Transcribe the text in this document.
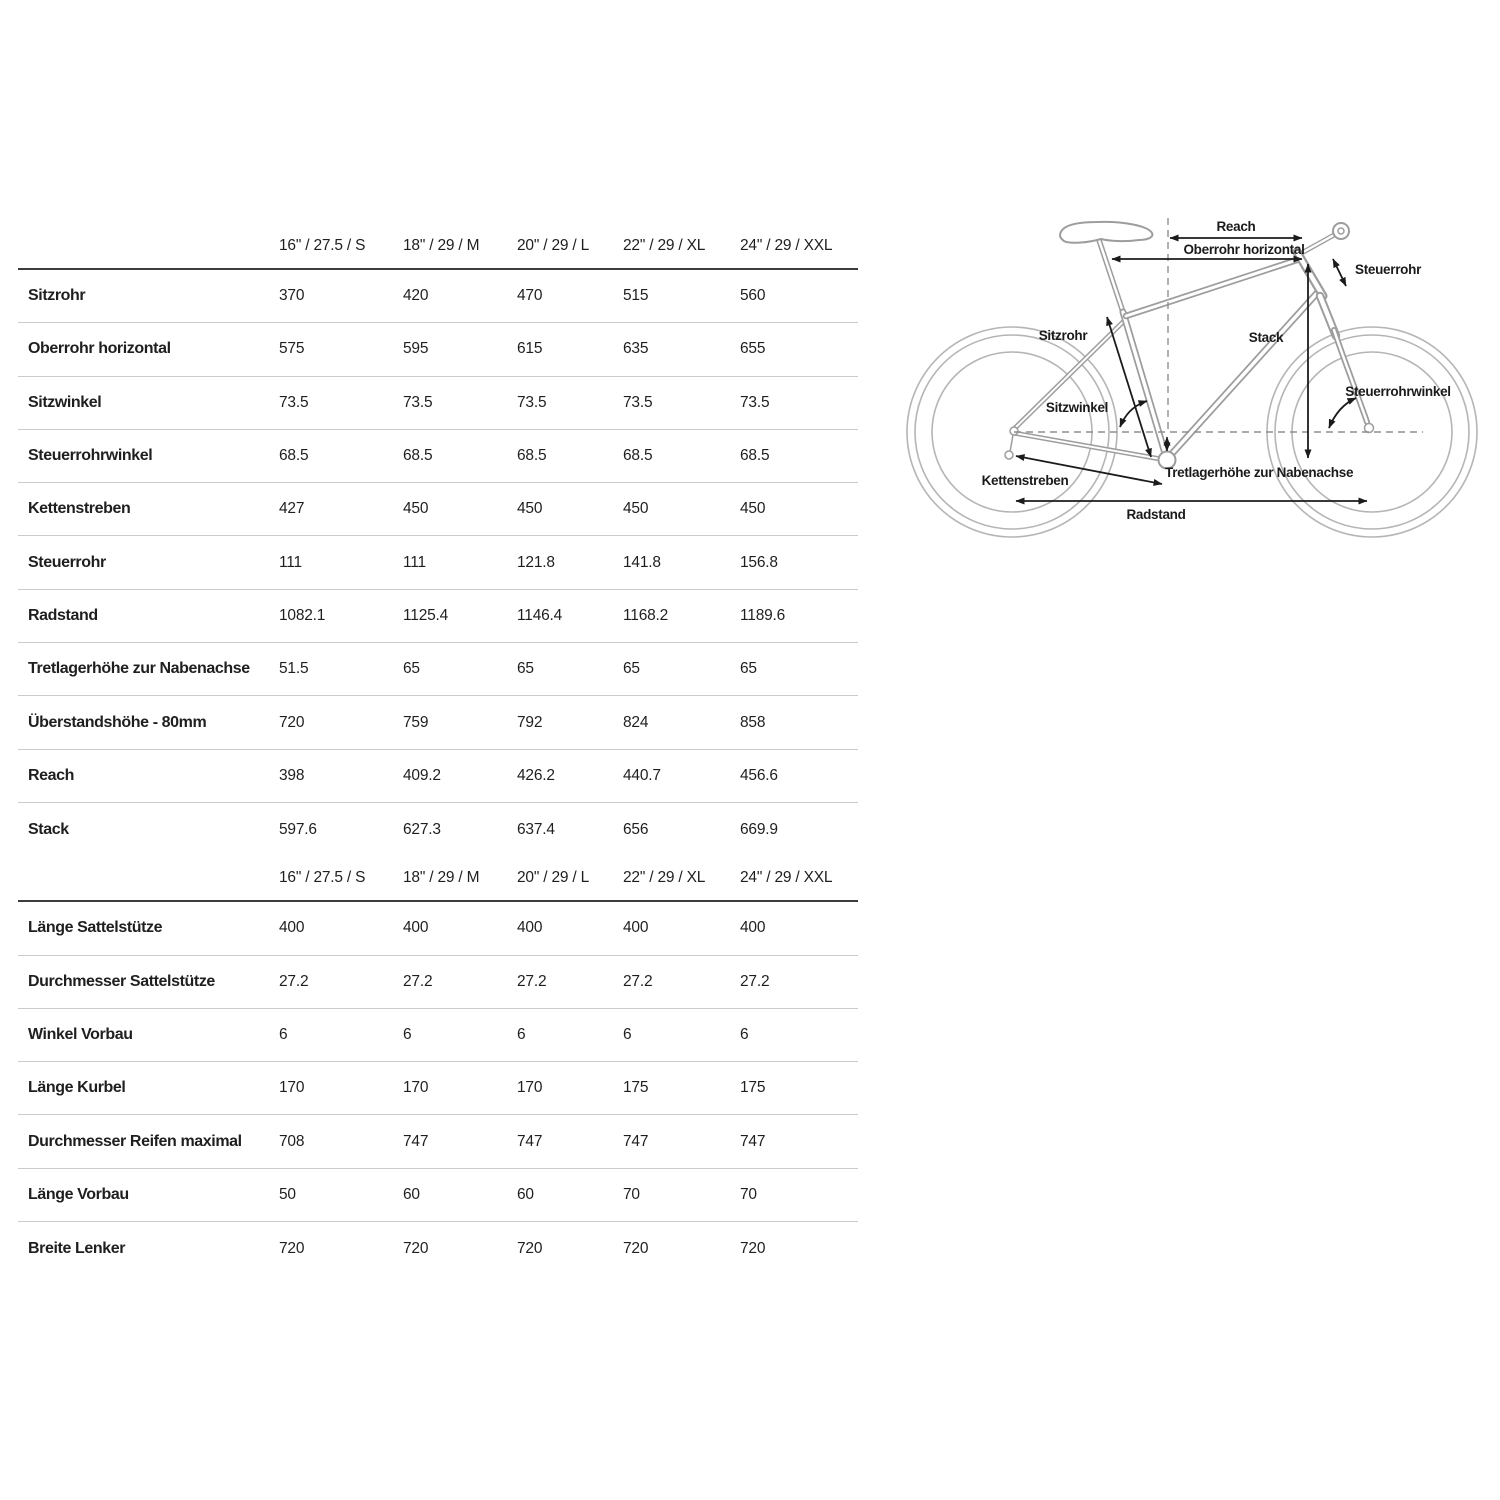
16" / 27.5 / S	18" / 29 / M	20" / 29 / L	22" / 29 / XL	24" / 29 / XXL
Sitzrohr	370	420	470	515	560
Oberrohr horizontal	575	595	615	635	655
Sitzwinkel	73.5	73.5	73.5	73.5	73.5
Steuerrohrwinkel	68.5	68.5	68.5	68.5	68.5
Kettenstreben	427	450	450	450	450
Steuerrohr	111	111	121.8	141.8	156.8
Radstand	1082.1	1125.4	1146.4	1168.2	1189.6
Tretlagerhöhe zur Nabenachse	51.5	65	65	65	65
Überstandshöhe - 80mm	720	759	792	824	858
Reach	398	409.2	426.2	440.7	456.6
Stack	597.6	627.3	637.4	656	669.9
16" / 27.5 / S	18" / 29 / M	20" / 29 / L	22" / 29 / XL	24" / 29 / XXL
Länge Sattelstütze	400	400	400	400	400
Durchmesser Sattelstütze	27.2	27.2	27.2	27.2	27.2
Winkel Vorbau	6	6	6	6	6
Länge Kurbel	170	170	170	175	175
Durchmesser Reifen maximal	708	747	747	747	747
Länge Vorbau	50	60	60	70	70
Breite Lenker	720	720	720	720	720
Reach
Oberrohr horizontal
Steuerrohr
Sitzrohr	Stack
Steuerrohrwinkel
Sitzwinkel
Kettenstreben
Tretlagerhöhe zur Nabenachse
Radstand
